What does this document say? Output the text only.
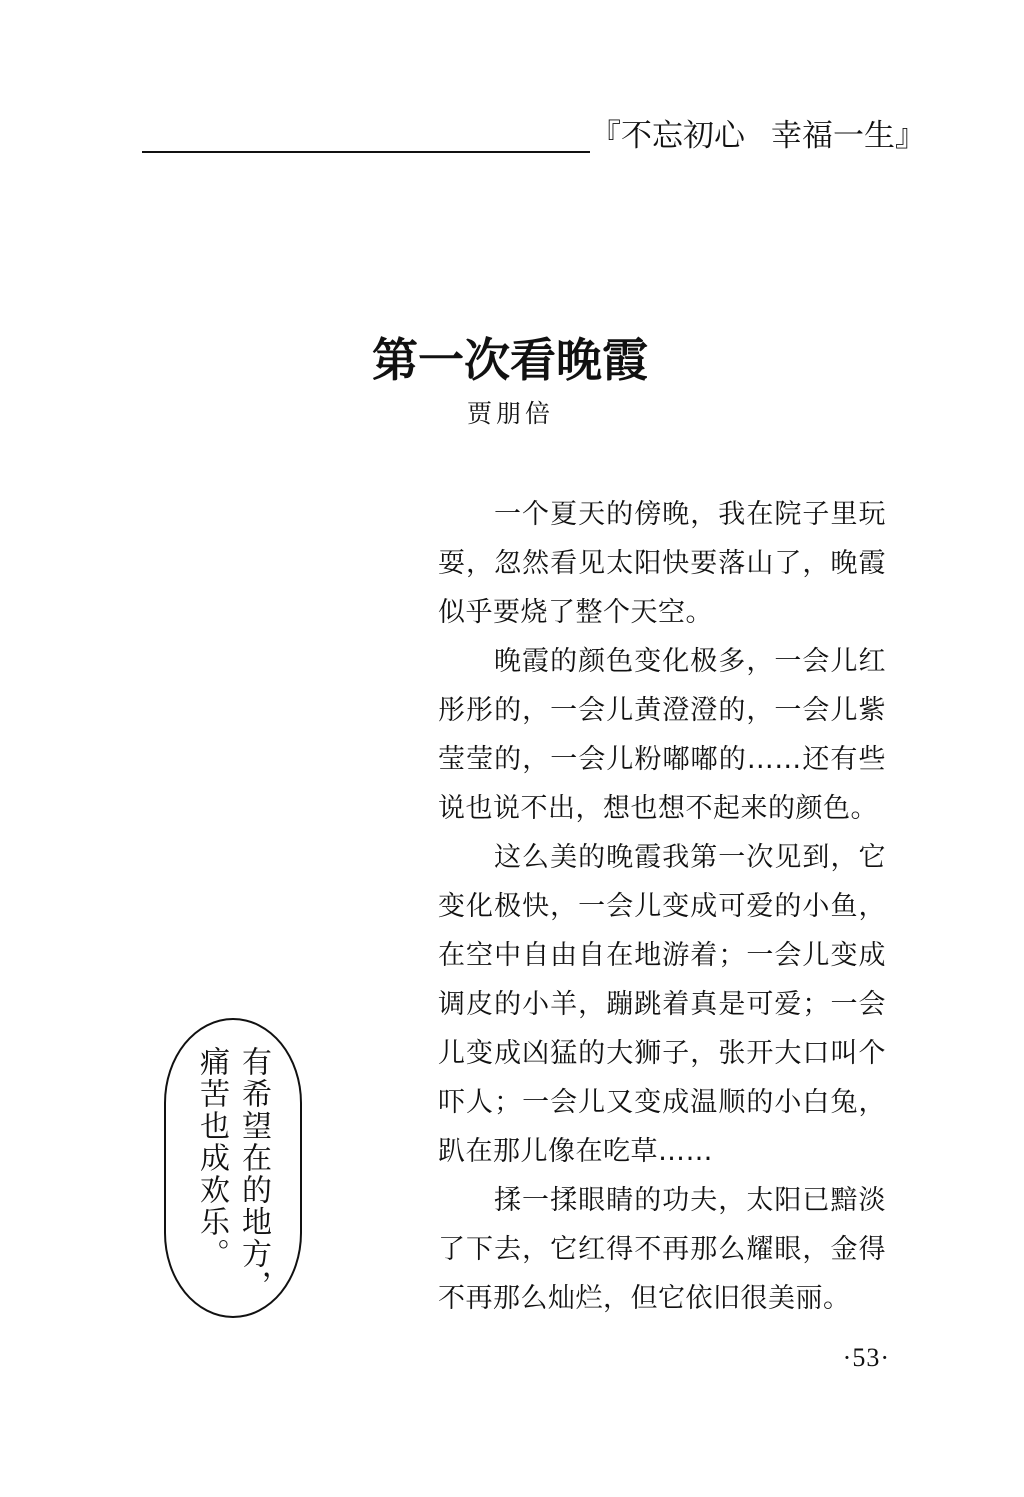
『不忘初心 幸福一生』
第一次看晚霞
贾朋倍

一个夏天的傍晚，我在院子里玩耍，忽然看见太阳快要落山了，晚霞似乎要烧了整个天空。

晚霞的颜色变化极多，一会儿红彤彤的，一会儿黄澄澄的，一会儿紫莹莹的，一会儿粉嘟嘟的……还有些说也说不出，想也想不起来的颜色。

这么美的晚霞我第一次见到，它变化极快，一会儿变成可爱的小鱼，在空中自由自在地游着；一会儿变成调皮的小羊，蹦跳着真是可爱；一会儿变成凶猛的大狮子，张开大口叫个吓人；一会儿又变成温顺的小白兔，趴在那儿像在吃草……

揉一揉眼睛的功夫，太阳已黯淡了下去，它红得不再那么耀眼，金得不再那么灿烂，但它依旧很美丽。

有希望在的地方，痛苦也成欢乐。
·53·
